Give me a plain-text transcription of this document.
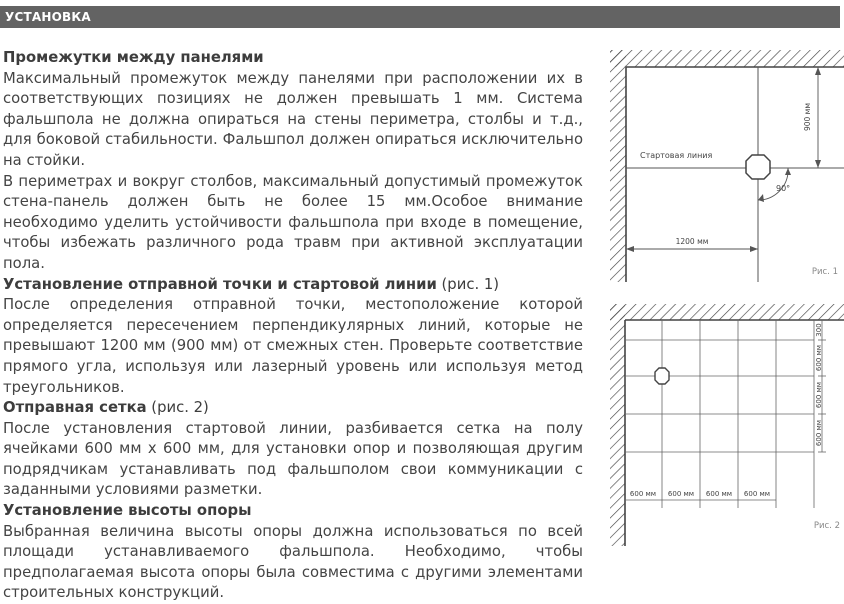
УСТАНОВКА

Промежутки между панелями

Максимальный промежуток между панелями при расположении их в соответствующих позициях не должен превышать 1 мм. Система фальшпола не должна опираться на стены периметра, столбы и т.д., для боковой стабильности. Фальшпол должен опираться исключительно на стойки.

В периметрах и вокруг столбов, максимальный допустимый промежуток стена-панель должен быть не более 15 мм.Особое внимание необходимо уделить устойчивости фальшпола при входе в помещение, чтобы избежать различного рода травм при активной эксплуатации пола.

Установление отправной точки и стартовой линии (рис. 1)

После определения отправной точки, местоположение которой определяется пересечением перпендикулярных линий, которые не превышают 1200 мм (900 мм) от смежных стен. Проверьте соответствие прямого угла, используя или лазерный уровень или используя метод треугольников.

Отправная сетка (рис. 2)

После установления стартовой линии, разбивается сетка на полу ячейками 600 мм х 600 мм, для установки опор и позволяющая другим подрядчикам устанавливать под фальшполом свои коммуникации с заданными условиями разметки.

Установление высоты опоры

Выбранная величина высоты опоры должна использоваться по всей площади устанавливаемого фальшпола. Необходимо, чтобы предполагаемая высота опоры была совместима с другими элементами строительных конструкций.

900 мм
1200 мм
Стартовая линия
90°
Рис. 1
300
600 мм
600 мм
600 мм
600 мм 600 мм 600 мм 600 мм
Рис. 2
